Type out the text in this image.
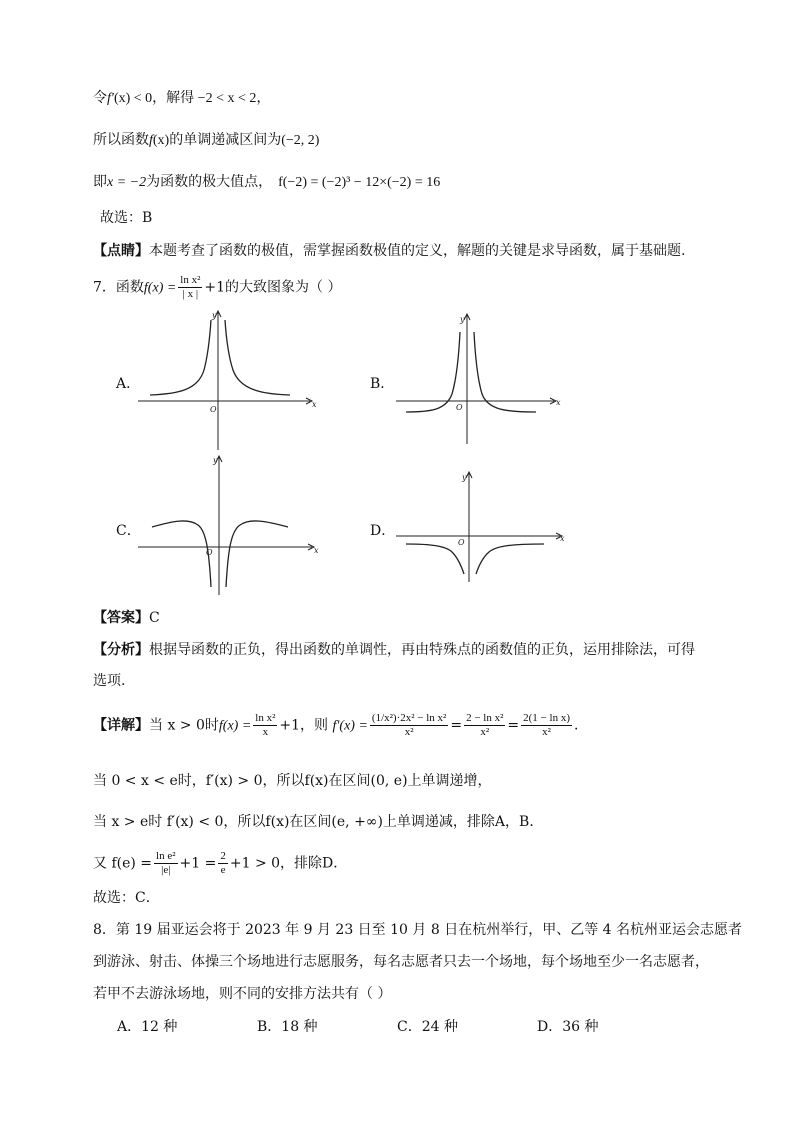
令f′(x) < 0，解得 −2 < x < 2，
所以函数f(x)的单调递减区间为(−2, 2)
即x = −2为函数的极大值点， f(−2) = (−2)³ − 12×(−2) = 16
故选：B
【点睛】本题考查了函数的极值，需掌握函数极值的定义，解题的关键是求导函数，属于基础题.
7．函数$f(x) = \frac{\text{ln x²}}{| x |} +1$的大致图象为（ ）
A．	B．
C．	D．
O
x
y
O
x
y
O	x
y
O	x
y
【答案】C
【分析】根据导函数的正负，得出函数的单调性，再由特殊点的函数值的正负，运用排除法，可得
选项.
【详解】当 x > 0时$f(x) = \frac{\text{ln x²}}{x} +1$，则 $f'(x) = \frac{\text{(1/x²)·2x² − ln x²}}{\text{x²}} = \frac{\text{2 − ln x²}}{\text{x²}} = \frac{\text{2(1 − ln x)}}{\text{x²}}$ .
当 0 < x < e时，f′(x) > 0，所以f(x)在区间(0, e)上单调递增，
当 x > e时 f′(x) < 0，所以f(x)在区间(e, +∞)上单调递减，排除A，B．
又 $f(e) = \frac{\text{ln e²}}{|e|} +1 = \frac{2}{e} +1 > 0$，排除D．
故选：C．
8．第 19 届亚运会将于 2023 年 9 月 23 日至 10 月 8 日在杭州举行，甲、乙等 4 名杭州亚运会志愿者
到游泳、射击、体操三个场地进行志愿服务，每名志愿者只去一个场地，每个场地至少一名志愿者，
若甲不去游泳场地，则不同的安排方法共有（ ）
A．12 种	B．18 种	C．24 种	D．36 种
